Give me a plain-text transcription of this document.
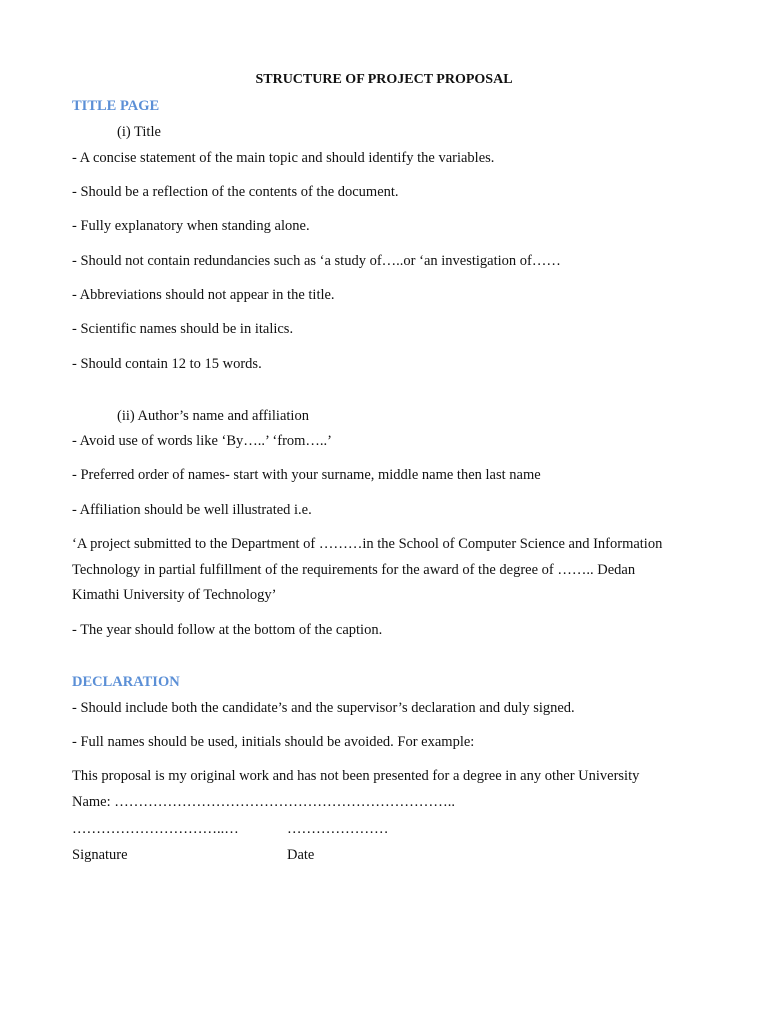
STRUCTURE OF PROJECT PROPOSAL
TITLE PAGE
(i) Title
- A concise statement of the main topic and should identify the variables.
- Should be a reflection of the contents of the document.
- Fully explanatory when standing alone.
- Should not contain redundancies such as ‘a study of…..or ‘an investigation of……
- Abbreviations should not appear in the title.
- Scientific names should be in italics.
- Should contain 12 to 15 words.
(ii) Author’s name and affiliation
- Avoid use of words like ‘By…..’ ‘from…..’
- Preferred order of names- start with your surname, middle name then last name
- Affiliation should be well illustrated i.e.
‘A project submitted to the Department of ………in the School of Computer Science and Information
Technology in partial fulfillment of the requirements for the award of the degree of …….. Dedan
Kimathi University of Technology’
- The year should follow at the bottom of the caption.
DECLARATION
- Should include both the candidate’s and the supervisor’s declaration and duly signed.
- Full names should be used, initials should be avoided. For example:
This proposal is my original work and has not been presented for a degree in any other University
Name: ……………………………………………………………..
…………………………..…	…………………
Signature	Date
